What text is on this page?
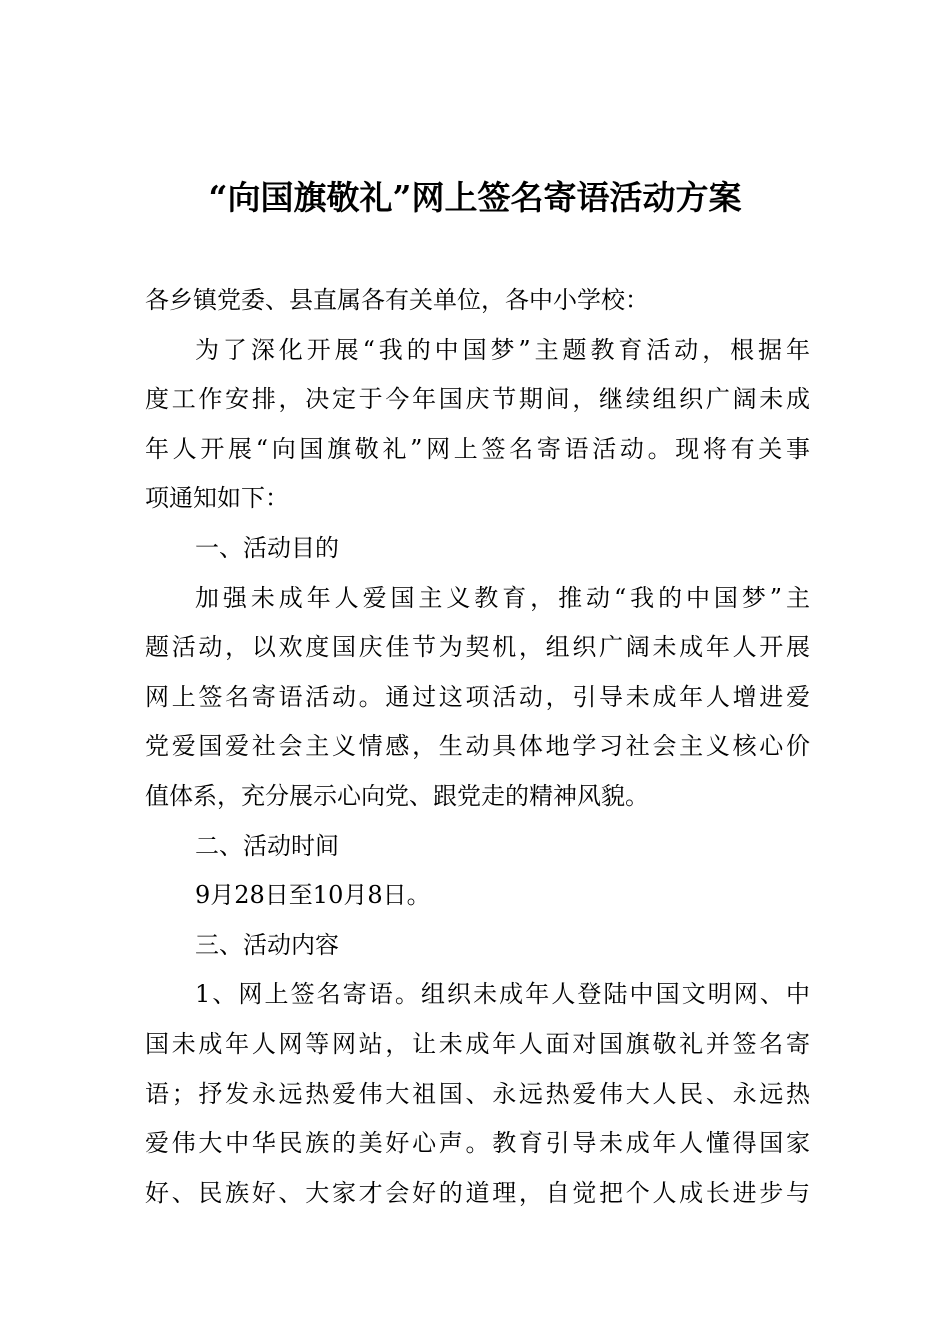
“向国旗敬礼”网上签名寄语活动方案
各乡镇党委、县直属各有关单位，各中小学校：
为了深化开展“我的中国梦”主题教育活动，根据年
度工作安排，决定于今年国庆节期间，继续组织广阔未成
年人开展“向国旗敬礼”网上签名寄语活动。现将有关事
项通知如下：
一、活动目的
加强未成年人爱国主义教育，推动“我的中国梦”主
题活动，以欢度国庆佳节为契机，组织广阔未成年人开展
网上签名寄语活动。通过这项活动，引导未成年人增进爱
党爱国爱社会主义情感，生动具体地学习社会主义核心价
值体系，充分展示心向党、跟党走的精神风貌。
二、活动时间
9月28日至10月8日。
三、活动内容
1、网上签名寄语。组织未成年人登陆中国文明网、中
国未成年人网等网站，让未成年人面对国旗敬礼并签名寄
语；抒发永远热爱伟大祖国、永远热爱伟大人民、永远热
爱伟大中华民族的美好心声。教育引导未成年人懂得国家
好、民族好、大家才会好的道理，自觉把个人成长进步与
